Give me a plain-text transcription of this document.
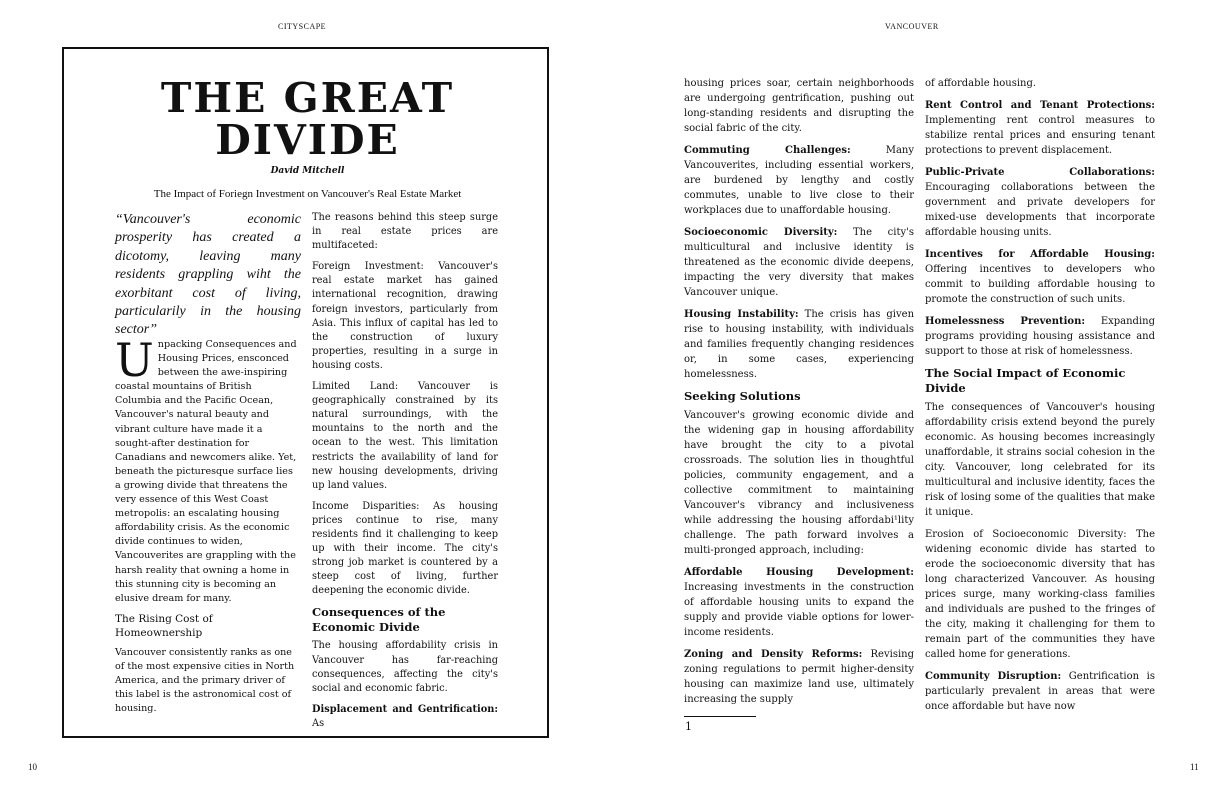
CITYSCAPE	VANCOUVER
THE GREAT
DIVIDE
David Mitchell
The Impact of Foriegn Investment on Vancouver's Real Estate Market
“Vancouver's economic prosperity has created a dicotomy, leaving many residents grappling wiht the exorbitant cost of living, particularily in the housing sector”

Unpacking Consequences and Housing Prices, ensconced between the awe-inspiring coastal mountains of British Columbia and the Pacific Ocean, Vancouver's natural beauty and vibrant culture have made it a sought-after destination for Canadians and newcomers alike. Yet, beneath the picturesque surface lies a growing divide that threatens the very essence of this West Coast metropolis: an escalating housing affordability crisis. As the economic divide continues to widen, Vancouverites are grappling with the harsh reality that owning a home in this stunning city is becoming an elusive dream for many.

The Rising Cost of Homeownership

Vancouver consistently ranks as one of the most expensive cities in North America, and the primary driver of this label is the astronomical cost of housing.

The reasons behind this steep surge in real estate prices are multifaceted:

Foreign Investment: Vancouver's real estate market has gained international recognition, drawing foreign investors, particularly from Asia. This influx of capital has led to the construction of luxury properties, resulting in a surge in housing costs.

Limited Land: Vancouver is geographically constrained by its natural surroundings, with the mountains to the north and the ocean to the west. This limitation restricts the availability of land for new housing developments, driving up land values.

Income Disparities: As housing prices continue to rise, many residents find it challenging to keep up with their income. The city's strong job market is countered by a steep cost of living, further deepening the economic divide.

Consequences of the Economic Divide

The housing affordability crisis in Vancouver has far-reaching consequences, affecting the city's social and economic fabric.

Displacement and Gentrification: As

housing prices soar, certain neighborhoods are undergoing gentrification, pushing out long-standing residents and disrupting the social fabric of the city.

Commuting Challenges:	Many Vancouverites, including essential workers, are burdened by lengthy and costly commutes, unable to live close to their workplaces due to unaffordable housing.

Socioeconomic Diversity: The city's multicultural and inclusive identity is threatened as the economic divide deepens, impacting the very diversity that makes Vancouver unique.

Housing Instability: The crisis has given rise to housing instability, with individuals and families frequently changing residences or, in some cases, experiencing homelessness.

Seeking Solutions

Vancouver's growing economic divide and the widening gap in housing affordability have brought the city to a pivotal crossroads. The solution lies in thoughtful policies, community engagement, and a collective commitment to maintaining Vancouver's vibrancy and inclusiveness while addressing the housing affordabi¹lity challenge. The path forward involves a multi-pronged approach, including:

Affordable Housing Development: Increasing investments in the construction of affordable housing units to expand the supply and provide viable options for lower-income residents.

Zoning and Density Reforms: Revising zoning regulations to permit higher-density housing can maximize land use, ultimately increasing the supply

1

of affordable housing.

Rent Control and Tenant Protections: Implementing rent control measures to stabilize rental prices and ensuring tenant protections to prevent displacement.

Public-Private Collaborations: Encouraging collaborations between the government and private developers for mixed-use developments that incorporate affordable housing units.

Incentives for Affordable Housing: Offering incentives to developers who commit to building affordable housing to promote the construction of such units.

Homelessness Prevention: Expanding programs providing housing assistance and support to those at risk of homelessness.

The Social Impact of Economic Divide

The consequences of Vancouver's housing affordability crisis extend beyond the purely economic. As housing becomes increasingly unaffordable, it strains social cohesion in the city. Vancouver, long celebrated for its multicultural and inclusive identity, faces the risk of losing some of the qualities that make it unique.

Erosion of Socioeconomic Diversity: The widening economic divide has started to erode the socioeconomic diversity that has long characterized Vancouver. As housing prices surge, many working-class families and individuals are pushed to the fringes of the city, making it challenging for them to remain part of the communities they have called home for generations.

Community Disruption: Gentrification is particularly prevalent in areas that were once affordable but have now

10	11
